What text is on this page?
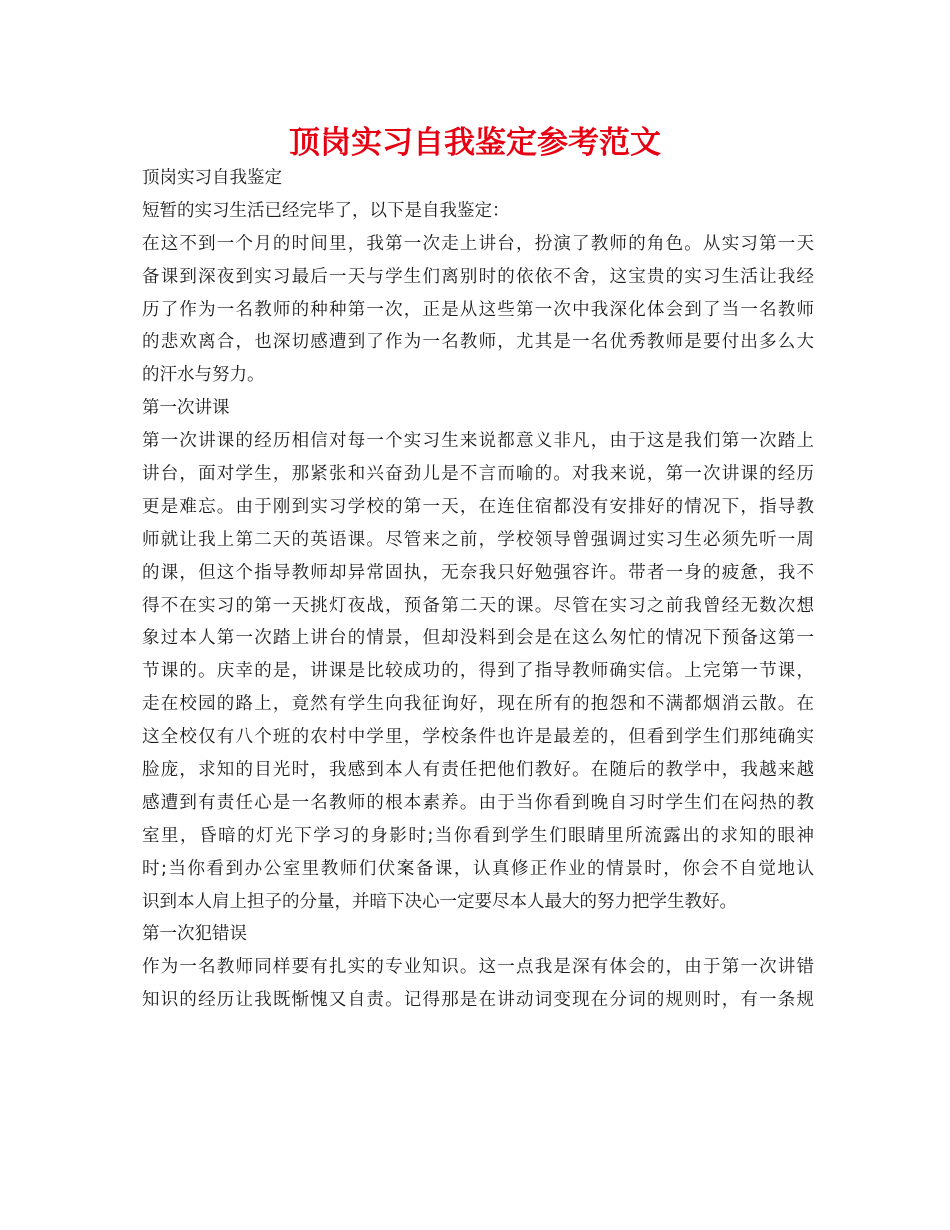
顶岗实习自我鉴定参考范文
顶岗实习自我鉴定
短暂的实习生活已经完毕了，以下是自我鉴定：
在这不到一个月的时间里，我第一次走上讲台，扮演了教师的角色。从实习第一天
备课到深夜到实习最后一天与学生们离别时的依依不舍，这宝贵的实习生活让我经
历了作为一名教师的种种第一次，正是从这些第一次中我深化体会到了当一名教师
的悲欢离合，也深切感遭到了作为一名教师，尤其是一名优秀教师是要付出多么大
的汗水与努力。
第一次讲课
第一次讲课的经历相信对每一个实习生来说都意义非凡，由于这是我们第一次踏上
讲台，面对学生，那紧张和兴奋劲儿是不言而喻的。对我来说，第一次讲课的经历
更是难忘。由于刚到实习学校的第一天，在连住宿都没有安排好的情况下，指导教
师就让我上第二天的英语课。尽管来之前，学校领导曾强调过实习生必须先听一周
的课，但这个指导教师却异常固执，无奈我只好勉强容许。带者一身的疲惫，我不
得不在实习的第一天挑灯夜战，预备第二天的课。尽管在实习之前我曾经无数次想
象过本人第一次踏上讲台的情景，但却没料到会是在这么匆忙的情况下预备这第一
节课的。庆幸的是，讲课是比较成功的，得到了指导教师确实信。上完第一节课，
走在校园的路上，竟然有学生向我征询好，现在所有的抱怨和不满都烟消云散。在
这全校仅有八个班的农村中学里，学校条件也许是最差的，但看到学生们那纯确实
脸庞，求知的目光时，我感到本人有责任把他们教好。在随后的教学中，我越来越
感遭到有责任心是一名教师的根本素养。由于当你看到晚自习时学生们在闷热的教
室里，昏暗的灯光下学习的身影时;当你看到学生们眼睛里所流露出的求知的眼神
时;当你看到办公室里教师们伏案备课，认真修正作业的情景时，你会不自觉地认
识到本人肩上担子的分量，并暗下决心一定要尽本人最大的努力把学生教好。
第一次犯错误
作为一名教师同样要有扎实的专业知识。这一点我是深有体会的，由于第一次讲错
知识的经历让我既惭愧又自责。记得那是在讲动词变现在分词的规则时，有一条规
